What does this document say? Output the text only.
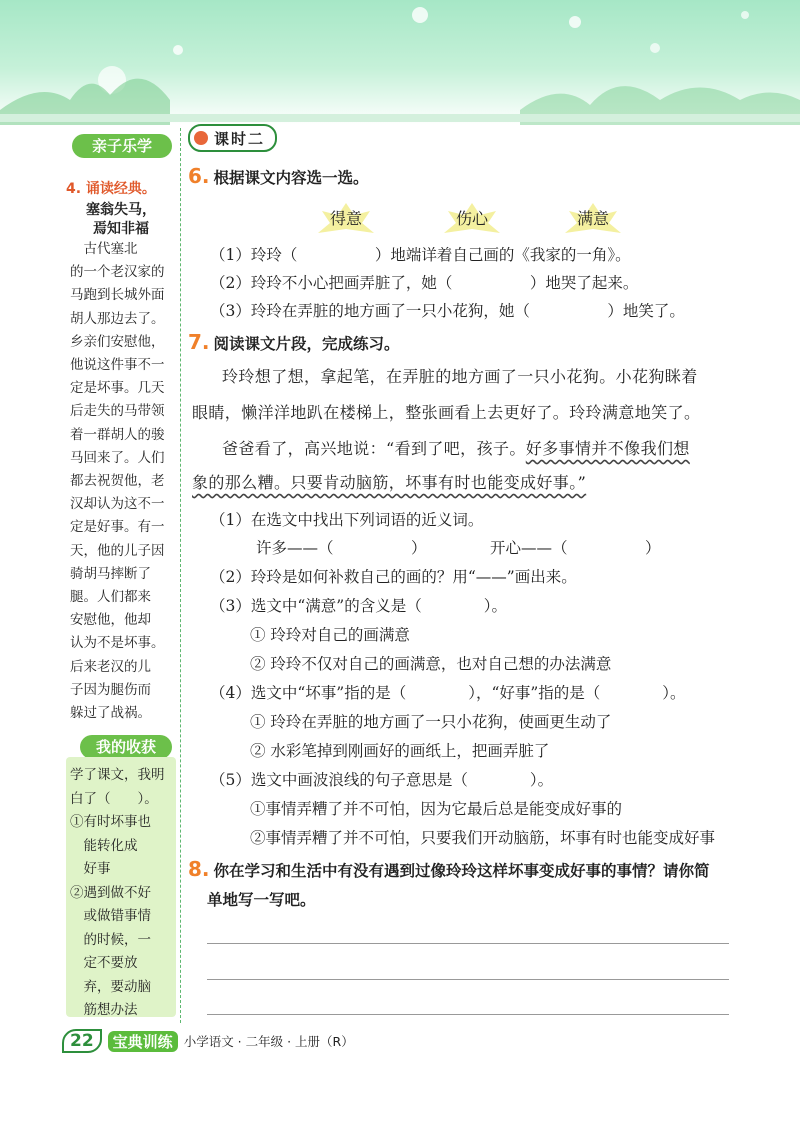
亲子乐学
4. 诵读经典。
塞翁失马，
焉知非福
　古代塞北
的一个老汉家的
马跑到长城外面
胡人那边去了。
乡亲们安慰他，
他说这件事不一
定是坏事。几天
后走失的马带领
着一群胡人的骏
马回来了。人们
都去祝贺他，老
汉却认为这不一
定是好事。有一
天，他的儿子因
骑胡马摔断了
腿。人们都来
安慰他，他却
认为不是坏事。
后来老汉的儿
子因为腿伤而
躲过了战祸。
我的收获
学了课文，我明
白了（　　）。
①有时坏事也
　能转化成
　好事
②遇到做不好
　或做错事情
　的时候，一
　定不要放
　弃，要动脑
　筋想办法
课时二
6. 根据课文内容选一选。
得意	伤心	满意
（1）玲玲（　　　　　）地端详着自己画的《我家的一角》。
（2）玲玲不小心把画弄脏了，她（　　　　　）地哭了起来。
（3）玲玲在弄脏的地方画了一只小花狗，她（　　　　　）地笑了。
7. 阅读课文片段，完成练习。
玲玲想了想，拿起笔，在弄脏的地方画了一只小花狗。小花狗眯着
眼睛，懒洋洋地趴在楼梯上，整张画看上去更好了。玲玲满意地笑了。
爸爸看了，高兴地说：“看到了吧，孩子。好多事情并不像我们想
象的那么糟。只要肯动脑筋，坏事有时也能变成好事。”
（1）在选文中找出下列词语的近义词。
许多——（　　　　　）	开心——（　　　　　）
（2）玲玲是如何补救自己的画的？用“——”画出来。
（3）选文中“满意”的含义是（　　　　）。
① 玲玲对自己的画满意
② 玲玲不仅对自己的画满意，也对自己想的办法满意
（4）选文中“坏事”指的是（　　　　），“好事”指的是（　　　　）。
① 玲玲在弄脏的地方画了一只小花狗，使画更生动了
② 水彩笔掉到刚画好的画纸上，把画弄脏了
（5）选文中画波浪线的句子意思是（　　　　）。
①事情弄糟了并不可怕，因为它最后总是能变成好事的
②事情弄糟了并不可怕，只要我们开动脑筋，坏事有时也能变成好事
8. 你在学习和生活中有没有遇到过像玲玲这样坏事变成好事的事情？请你简
单地写一写吧。
22	宝典训练 小学语文 · 二年级 · 上册（R）
